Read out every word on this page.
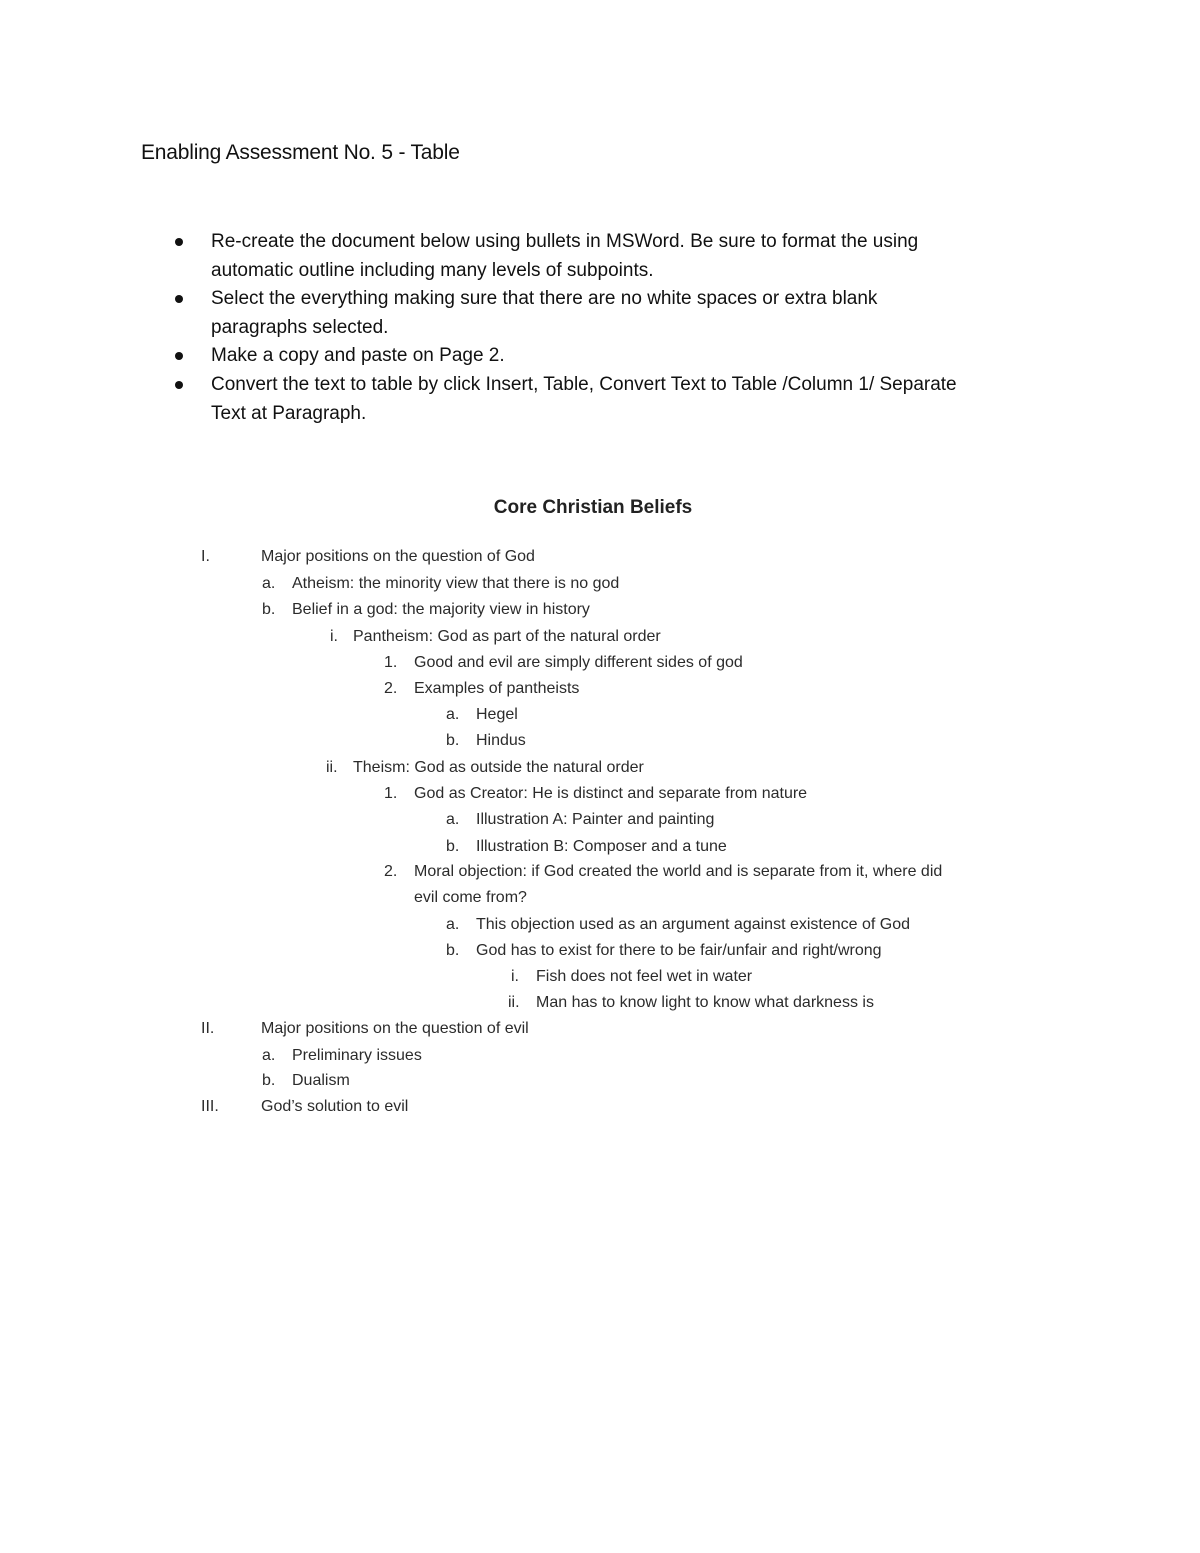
Enabling Assessment No. 5 - Table
Re-create the document below using bullets in MSWord. Be sure to format the using
automatic outline including many levels of subpoints.
Select the everything making sure that there are no white spaces or extra blank
paragraphs selected.
Make a copy and paste on Page 2.
Convert the text to table by click Insert, Table, Convert Text to Table /Column 1/ Separate
Text at Paragraph.
Core Christian Beliefs
I.	Major positions on the question of God
a. Atheism: the minority view that there is no god
b. Belief in a god: the majority view in history
i. Pantheism: God as part of the natural order
1. Good and evil are simply different sides of god
2. Examples of pantheists
a. Hegel
b. Hindus
ii. Theism: God as outside the natural order
1. God as Creator: He is distinct and separate from nature
a. Illustration A: Painter and painting
b. Illustration B: Composer and a tune
2. Moral objection: if God created the world and is separate from it, where did
evil come from?
a. This objection used as an argument against existence of God
b. God has to exist for there to be fair/unfair and right/wrong
i. Fish does not feel wet in water
ii. Man has to know light to know what darkness is
II.	Major positions on the question of evil
a. Preliminary issues
b. Dualism
III.	God’s solution to evil
